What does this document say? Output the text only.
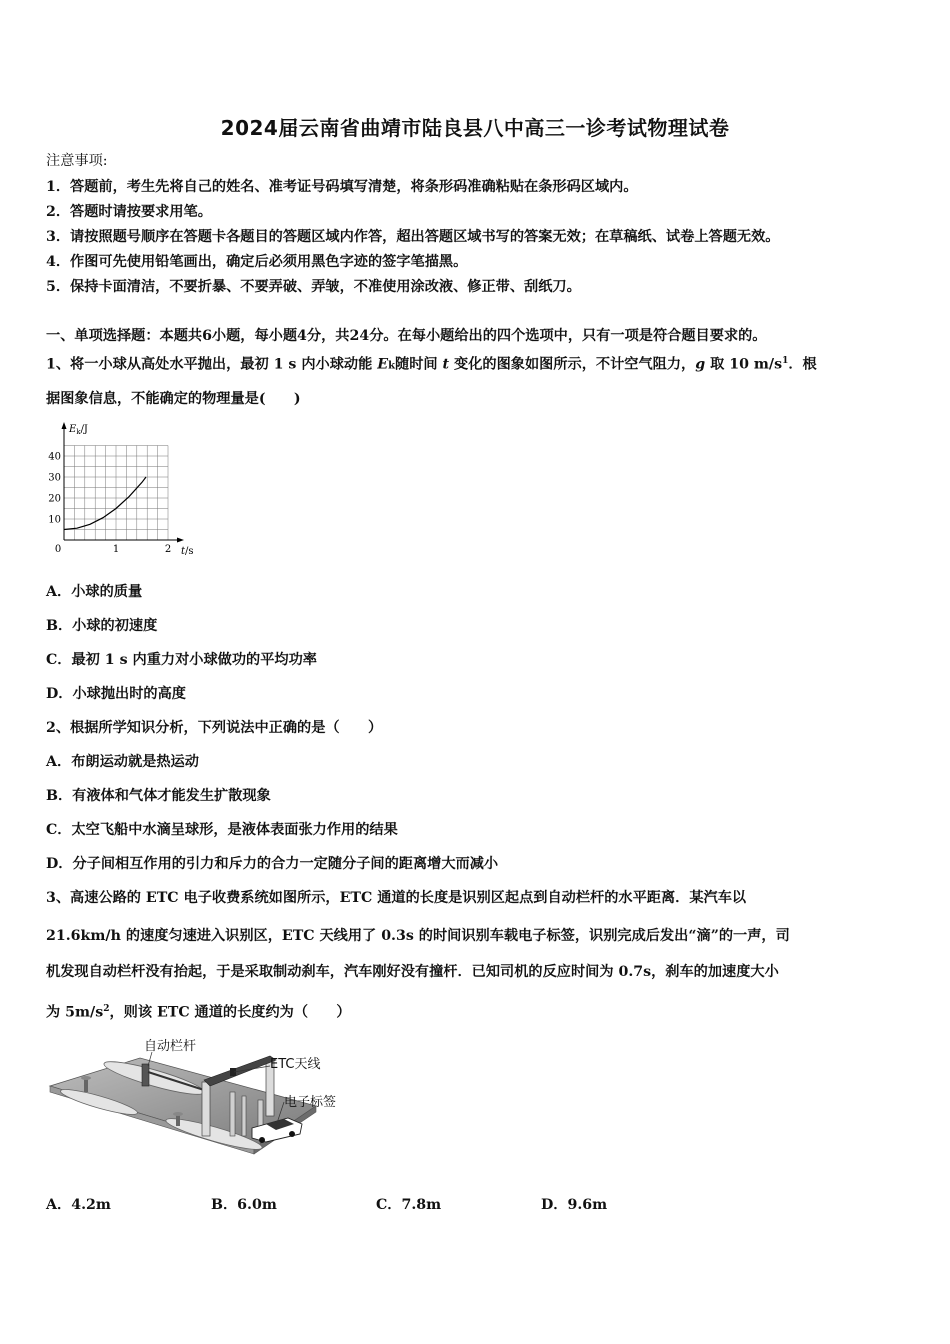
2024届云南省曲靖市陆良县八中高三一诊考试物理试卷
注意事项:
1．答题前，考生先将自己的姓名、准考证号码填写清楚，将条形码准确粘贴在条形码区域内。
2．答题时请按要求用笔。
3．请按照题号顺序在答题卡各题目的答题区域内作答，超出答题区域书写的答案无效；在草稿纸、试卷上答题无效。
4．作图可先使用铅笔画出，确定后必须用黑色字迹的签字笔描黑。
5．保持卡面清洁，不要折暴、不要弄破、弄皱，不准使用涂改液、修正带、刮纸刀。
一、单项选择题：本题共6小题，每小题4分，共24分。在每小题给出的四个选项中，只有一项是符合题目要求的。
1、将一小球从高处水平抛出，最初 1 s 内小球动能 Ek随时间 t 变化的图象如图所示，不计空气阻力，g 取 10 $m/s^1$．根
据图象信息，不能确定的物理量是(　　)
10
20
30
40
0	1	2
$E_k/J$
t/s
A．小球的质量
B．小球的初速度
C．最初 1 s 内重力对小球做功的平均功率
D．小球抛出时的高度
2、根据所学知识分析，下列说法中正确的是（　　）
A．布朗运动就是热运动
B．有液体和气体才能发生扩散现象
C．太空飞船中水滴呈球形，是液体表面张力作用的结果
D．分子间相互作用的引力和斥力的合力一定随分子间的距离增大而减小
3、高速公路的 ETC 电子收费系统如图所示，ETC 通道的长度是识别区起点到自动栏杆的水平距离．某汽车以
21.6km/h 的速度匀速进入识别区，ETC 天线用了 0.3s 的时间识别车载电子标签，识别完成后发出“滴”的一声，司
机发现自动栏杆没有抬起，于是采取制动刹车，汽车刚好没有撞杆．已知司机的反应时间为 0.7s，刹车的加速度大小
为 $5m/s^2$，则该 ETC 通道的长度约为（　　）
自动栏杆
ETC天线
电子标签
A．4.2m	B．6.0m	C．7.8m	D．9.6m
